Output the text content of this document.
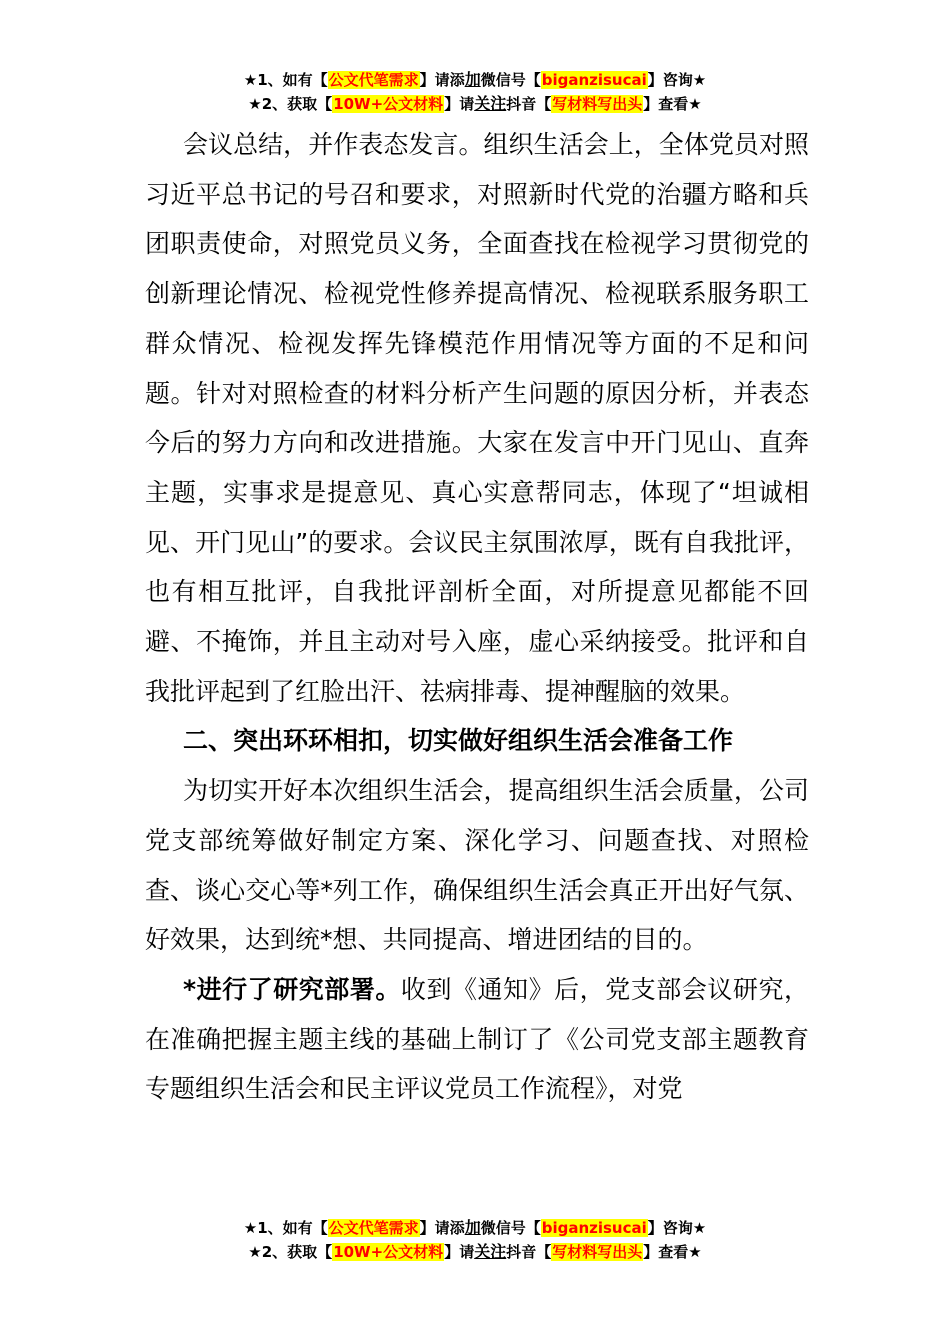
★1、如有【公文代笔需求】请添加微信号【biganzisucai】咨询★
★2、获取【10W+公文材料】请关注抖音【写材料写出头】查看★

会议总结，并作表态发言。组织生活会上，全体党员对照习近平总书记的号召和要求，对照新时代党的治疆方略和兵团职责使命，对照党员义务，全面查找在检视学习贯彻党的创新理论情况、检视党性修养提高情况、检视联系服务职工群众情况、检视发挥先锋模范作用情况等方面的不足和问题。针对对照检查的材料分析产生问题的原因分析，并表态今后的努力方向和改进措施。大家在发言中开门见山、直奔主题，实事求是提意见、真心实意帮同志，体现了“坦诚相见、开门见山”的要求。会议民主氛围浓厚，既有自我批评，也有相互批评，自我批评剖析全面，对所提意见都能不回避、不掩饰，并且主动对号入座，虚心采纳接受。批评和自我批评起到了红脸出汗、祛病排毒、提神醒脑的效果。

二、突出环环相扣，切实做好组织生活会准备工作

为切实开好本次组织生活会，提高组织生活会质量，公司党支部统筹做好制定方案、深化学习、问题查找、对照检查、谈心交心等*列工作，确保组织生活会真正开出好气氛、好效果，达到统*想、共同提高、增进团结的目的。

*进行了研究部署。收到《通知》后，党支部会议研究，在准确把握主题主线的基础上制订了《公司党支部主题教育专题组织生活会和民主评议党员工作流程》，对党

★1、如有【公文代笔需求】请添加微信号【biganzisucai】咨询★
★2、获取【10W+公文材料】请关注抖音【写材料写出头】查看★
